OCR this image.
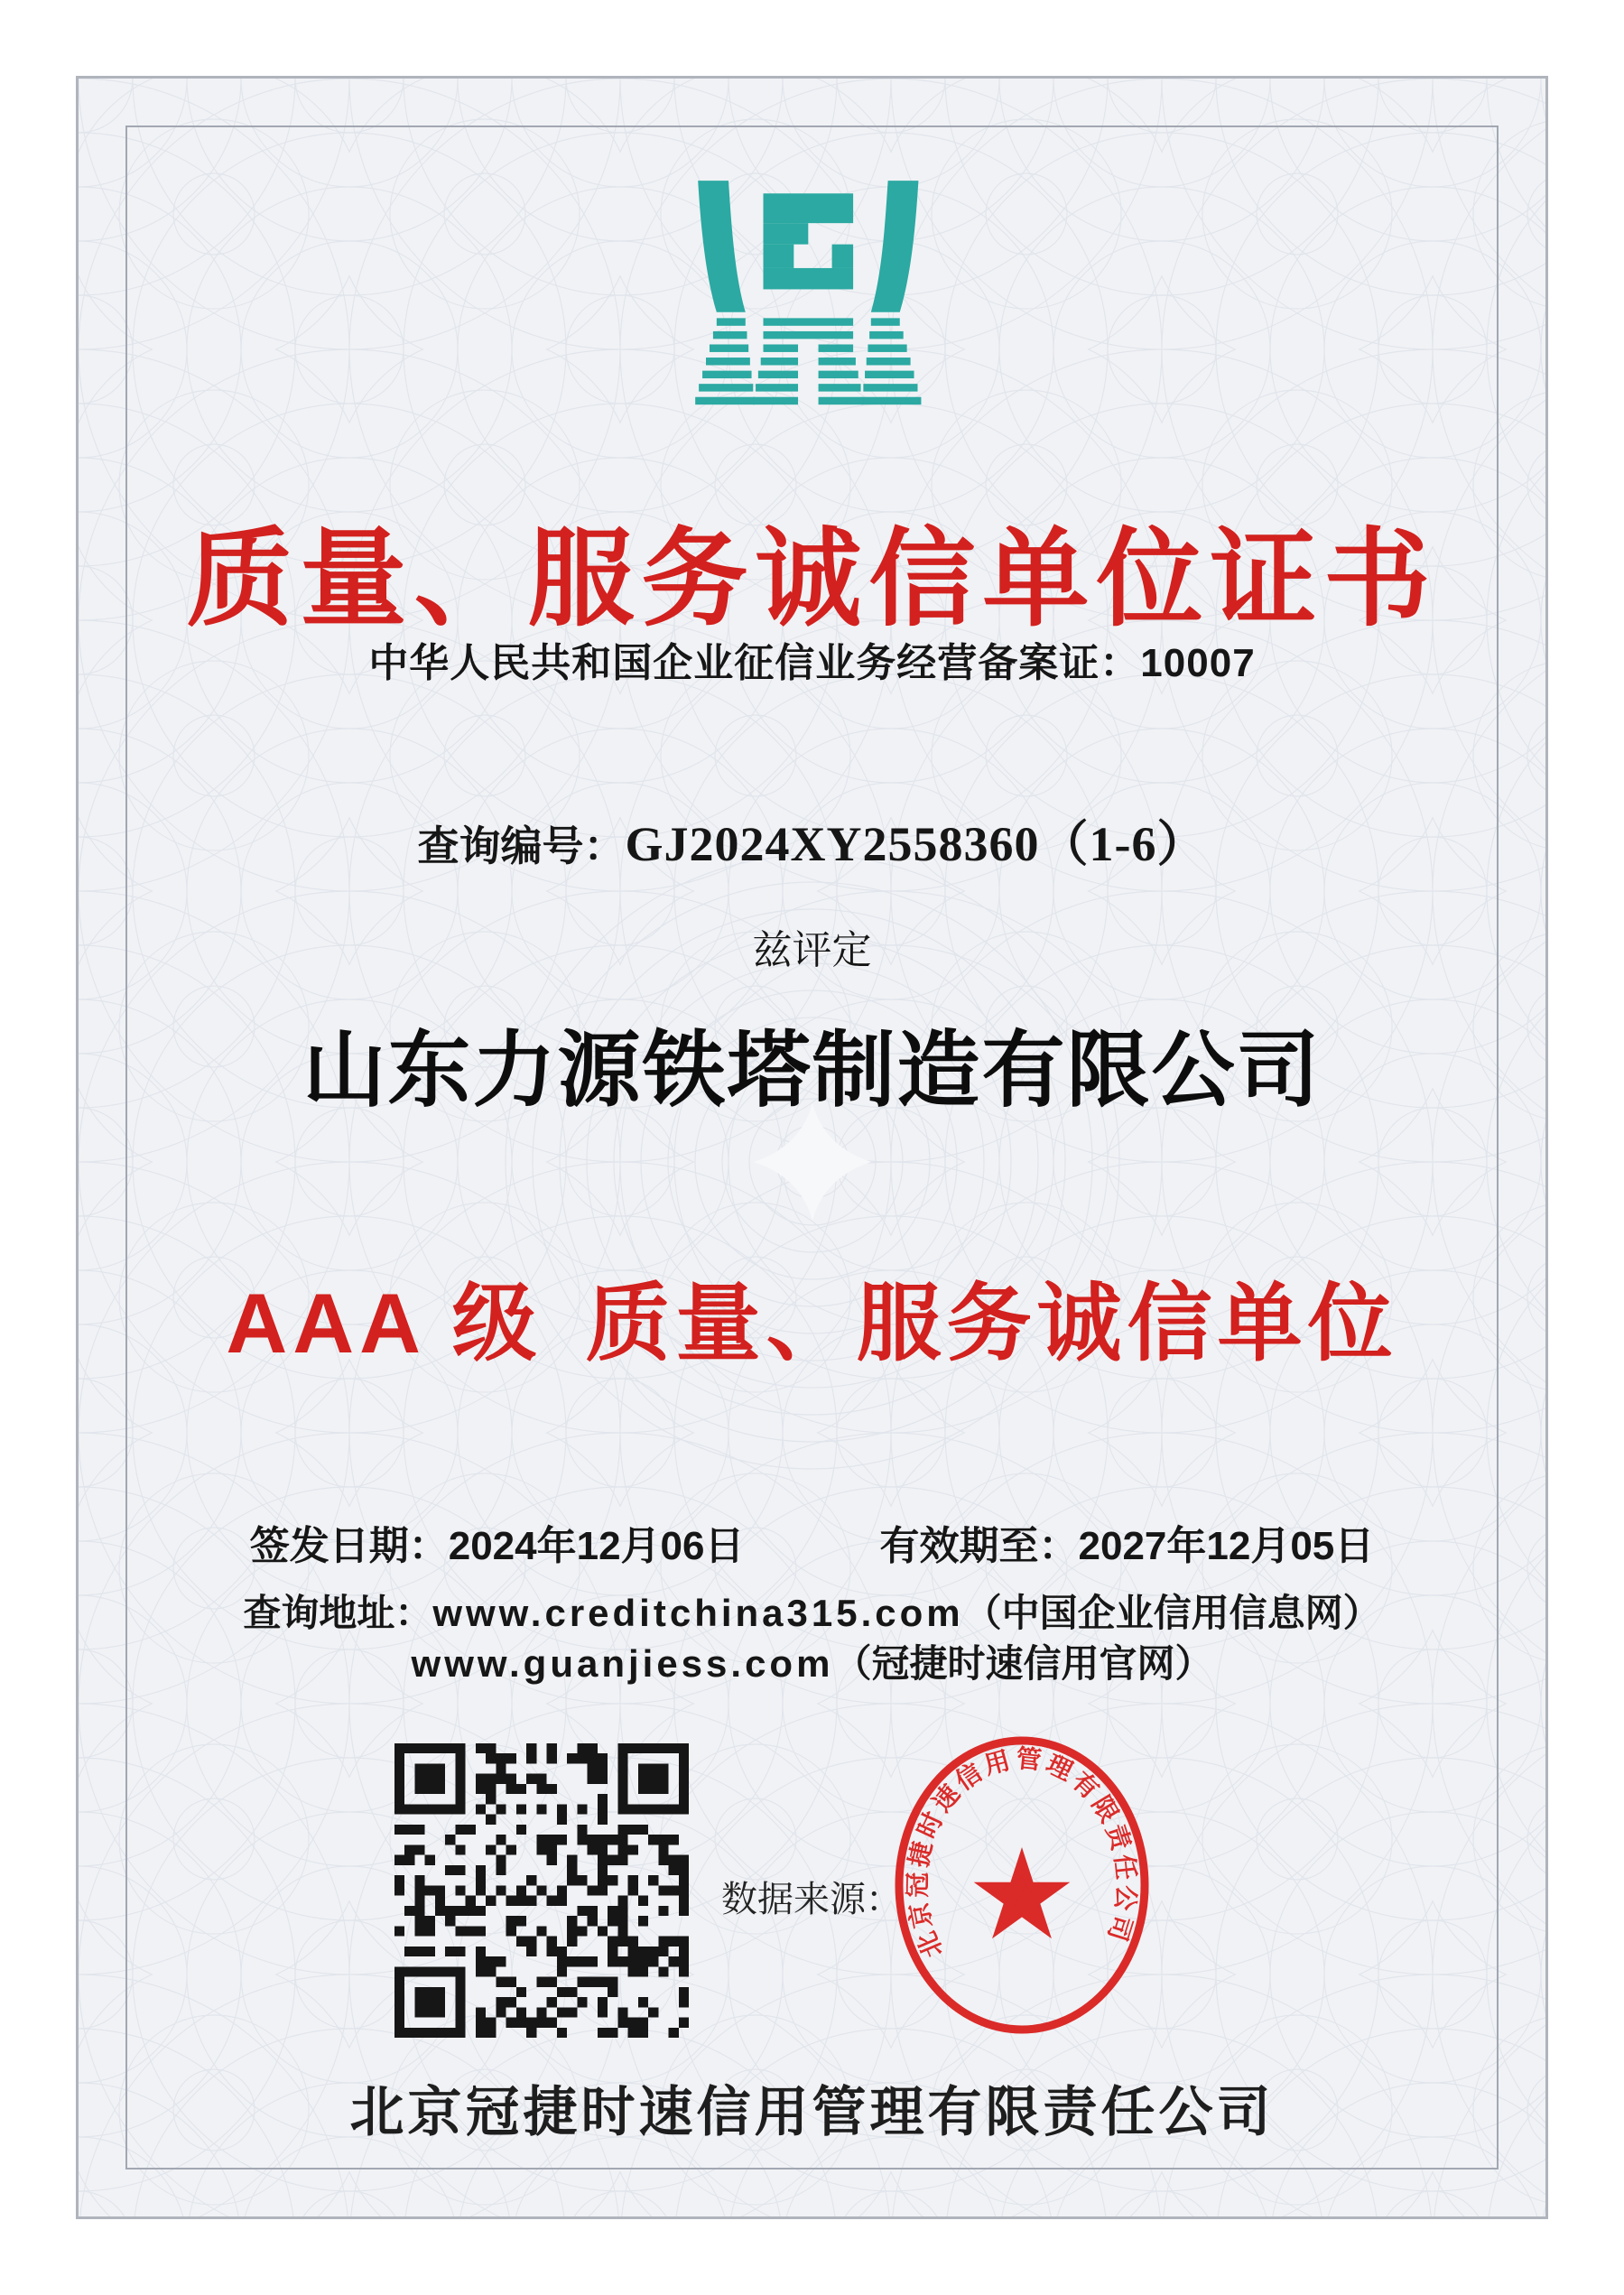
质量、服务诚信单位证书
中华人民共和国企业征信业务经营备案证：10007
查询编号：GJ2024XY2558360（1-6）
兹评定
山东力源铁塔制造有限公司
AAA 级 质量、服务诚信单位
签发日期：2024年12月06日	有效期至：2027年12月05日
查询地址：www.creditchina315.com（中国企业信用信息网）
www.guanjiess.com（冠捷时速信用官网）
数据来源：
北京冠捷时速信用管理有限责任公司
北京冠捷时速信用管理有限责任公司
